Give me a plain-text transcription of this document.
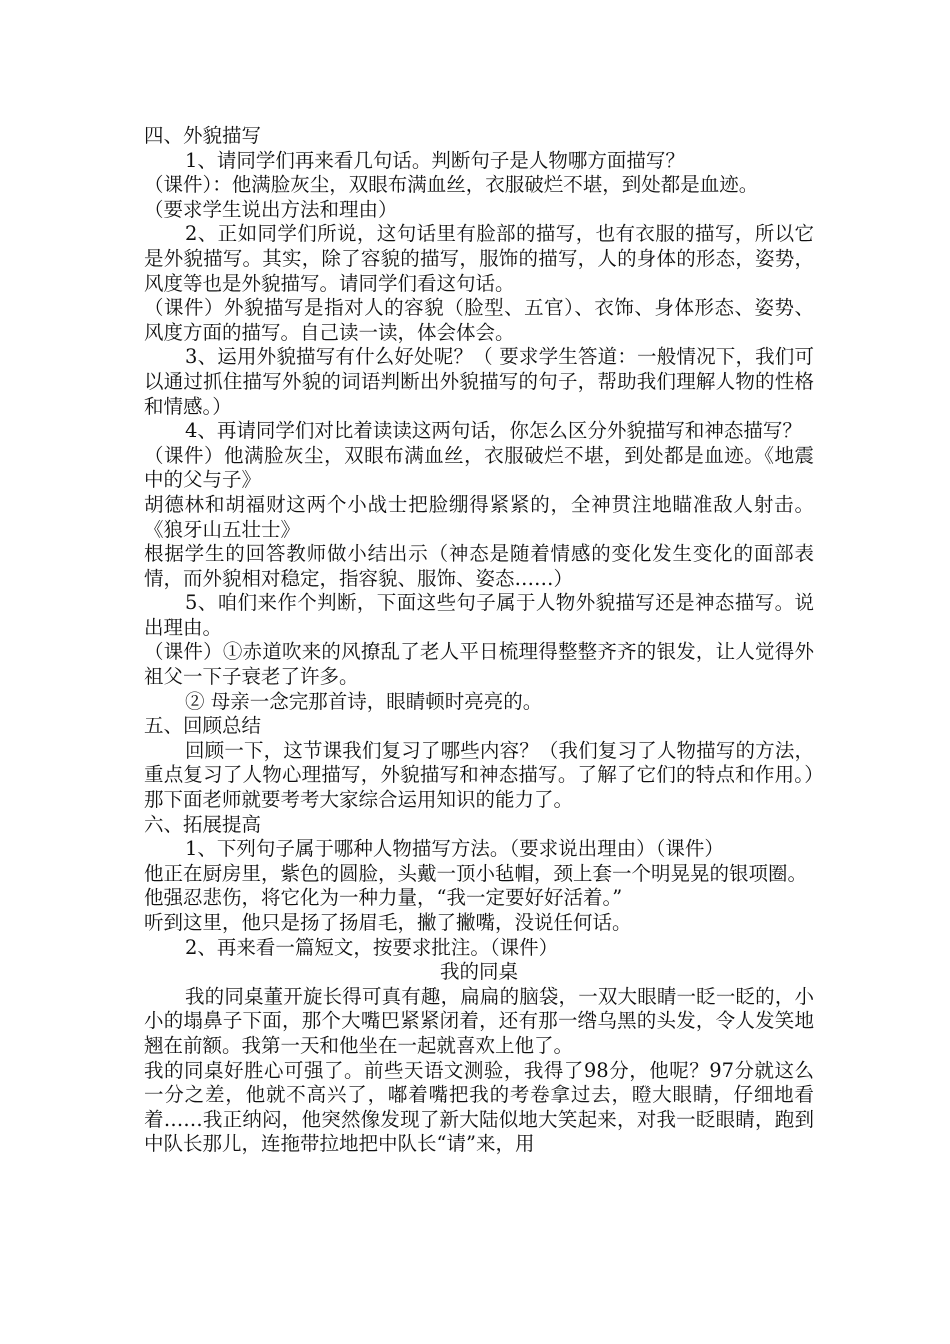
四、外貌描写

1、请同学们再来看几句话。判断句子是人物哪方面描写？

（课件）：他满脸灰尘，双眼布满血丝，衣服破烂不堪，到处都是血迹。

（要求学生说出方法和理由）

2、正如同学们所说，这句话里有脸部的描写，也有衣服的描写，所以它是外貌描写。其实，除了容貌的描写，服饰的描写，人的身体的形态，姿势，风度等也是外貌描写。请同学们看这句话。

（课件）外貌描写是指对人的容貌（脸型、五官）、衣饰、身体形态、姿势、风度方面的描写。自己读一读，体会体会。

3、运用外貌描写有什么好处呢？（ 要求学生答道：一般情况下，我们可以通过抓住描写外貌的词语判断出外貌描写的句子，帮助我们理解人物的性格和情感。）

4、再请同学们对比着读读这两句话，你怎么区分外貌描写和神态描写？

（课件）他满脸灰尘，双眼布满血丝，衣服破烂不堪，到处都是血迹。《地震中的父与子》

胡德林和胡福财这两个小战士把脸绷得紧紧的，全神贯注地瞄准敌人射击。《狼牙山五壮士》

根据学生的回答教师做小结出示（神态是随着情感的变化发生变化的面部表情，而外貌相对稳定，指容貌、服饰、姿态……）

5、咱们来作个判断，下面这些句子属于人物外貌描写还是神态描写。说出理由。

（课件）①赤道吹来的风撩乱了老人平日梳理得整整齐齐的银发，让人觉得外祖父一下子衰老了许多。

② 母亲一念完那首诗，眼睛顿时亮亮的。

五、回顾总结

回顾一下，这节课我们复习了哪些内容？（我们复习了人物描写的方法，重点复习了人物心理描写，外貌描写和神态描写。了解了它们的特点和作用。）那下面老师就要考考大家综合运用知识的能力了。

六、拓展提高

1、下列句子属于哪种人物描写方法。（要求说出理由）（课件）

他正在厨房里，紫色的圆脸，头戴一顶小毡帽，颈上套一个明晃晃的银项圈。

他强忍悲伤，将它化为一种力量，“我一定要好好活着。”

听到这里，他只是扬了扬眉毛，撇了撇嘴，没说任何话。

2、再来看一篇短文，按要求批注。（课件）

我的同桌

我的同桌董开旋长得可真有趣，扁扁的脑袋，一双大眼睛一眨一眨的，小小的塌鼻子下面，那个大嘴巴紧紧闭着，还有那一绺乌黑的头发，令人发笑地翘在前额。我第一天和他坐在一起就喜欢上他了。

我的同桌好胜心可强了。前些天语文测验，我得了98分，他呢？97分就这么一分之差，他就不高兴了，嘟着嘴把我的考卷拿过去，瞪大眼睛，仔细地看着……我正纳闷，他突然像发现了新大陆似地大笑起来，对我一眨眼睛，跑到中队长那儿，连拖带拉地把中队长“请”来，用
